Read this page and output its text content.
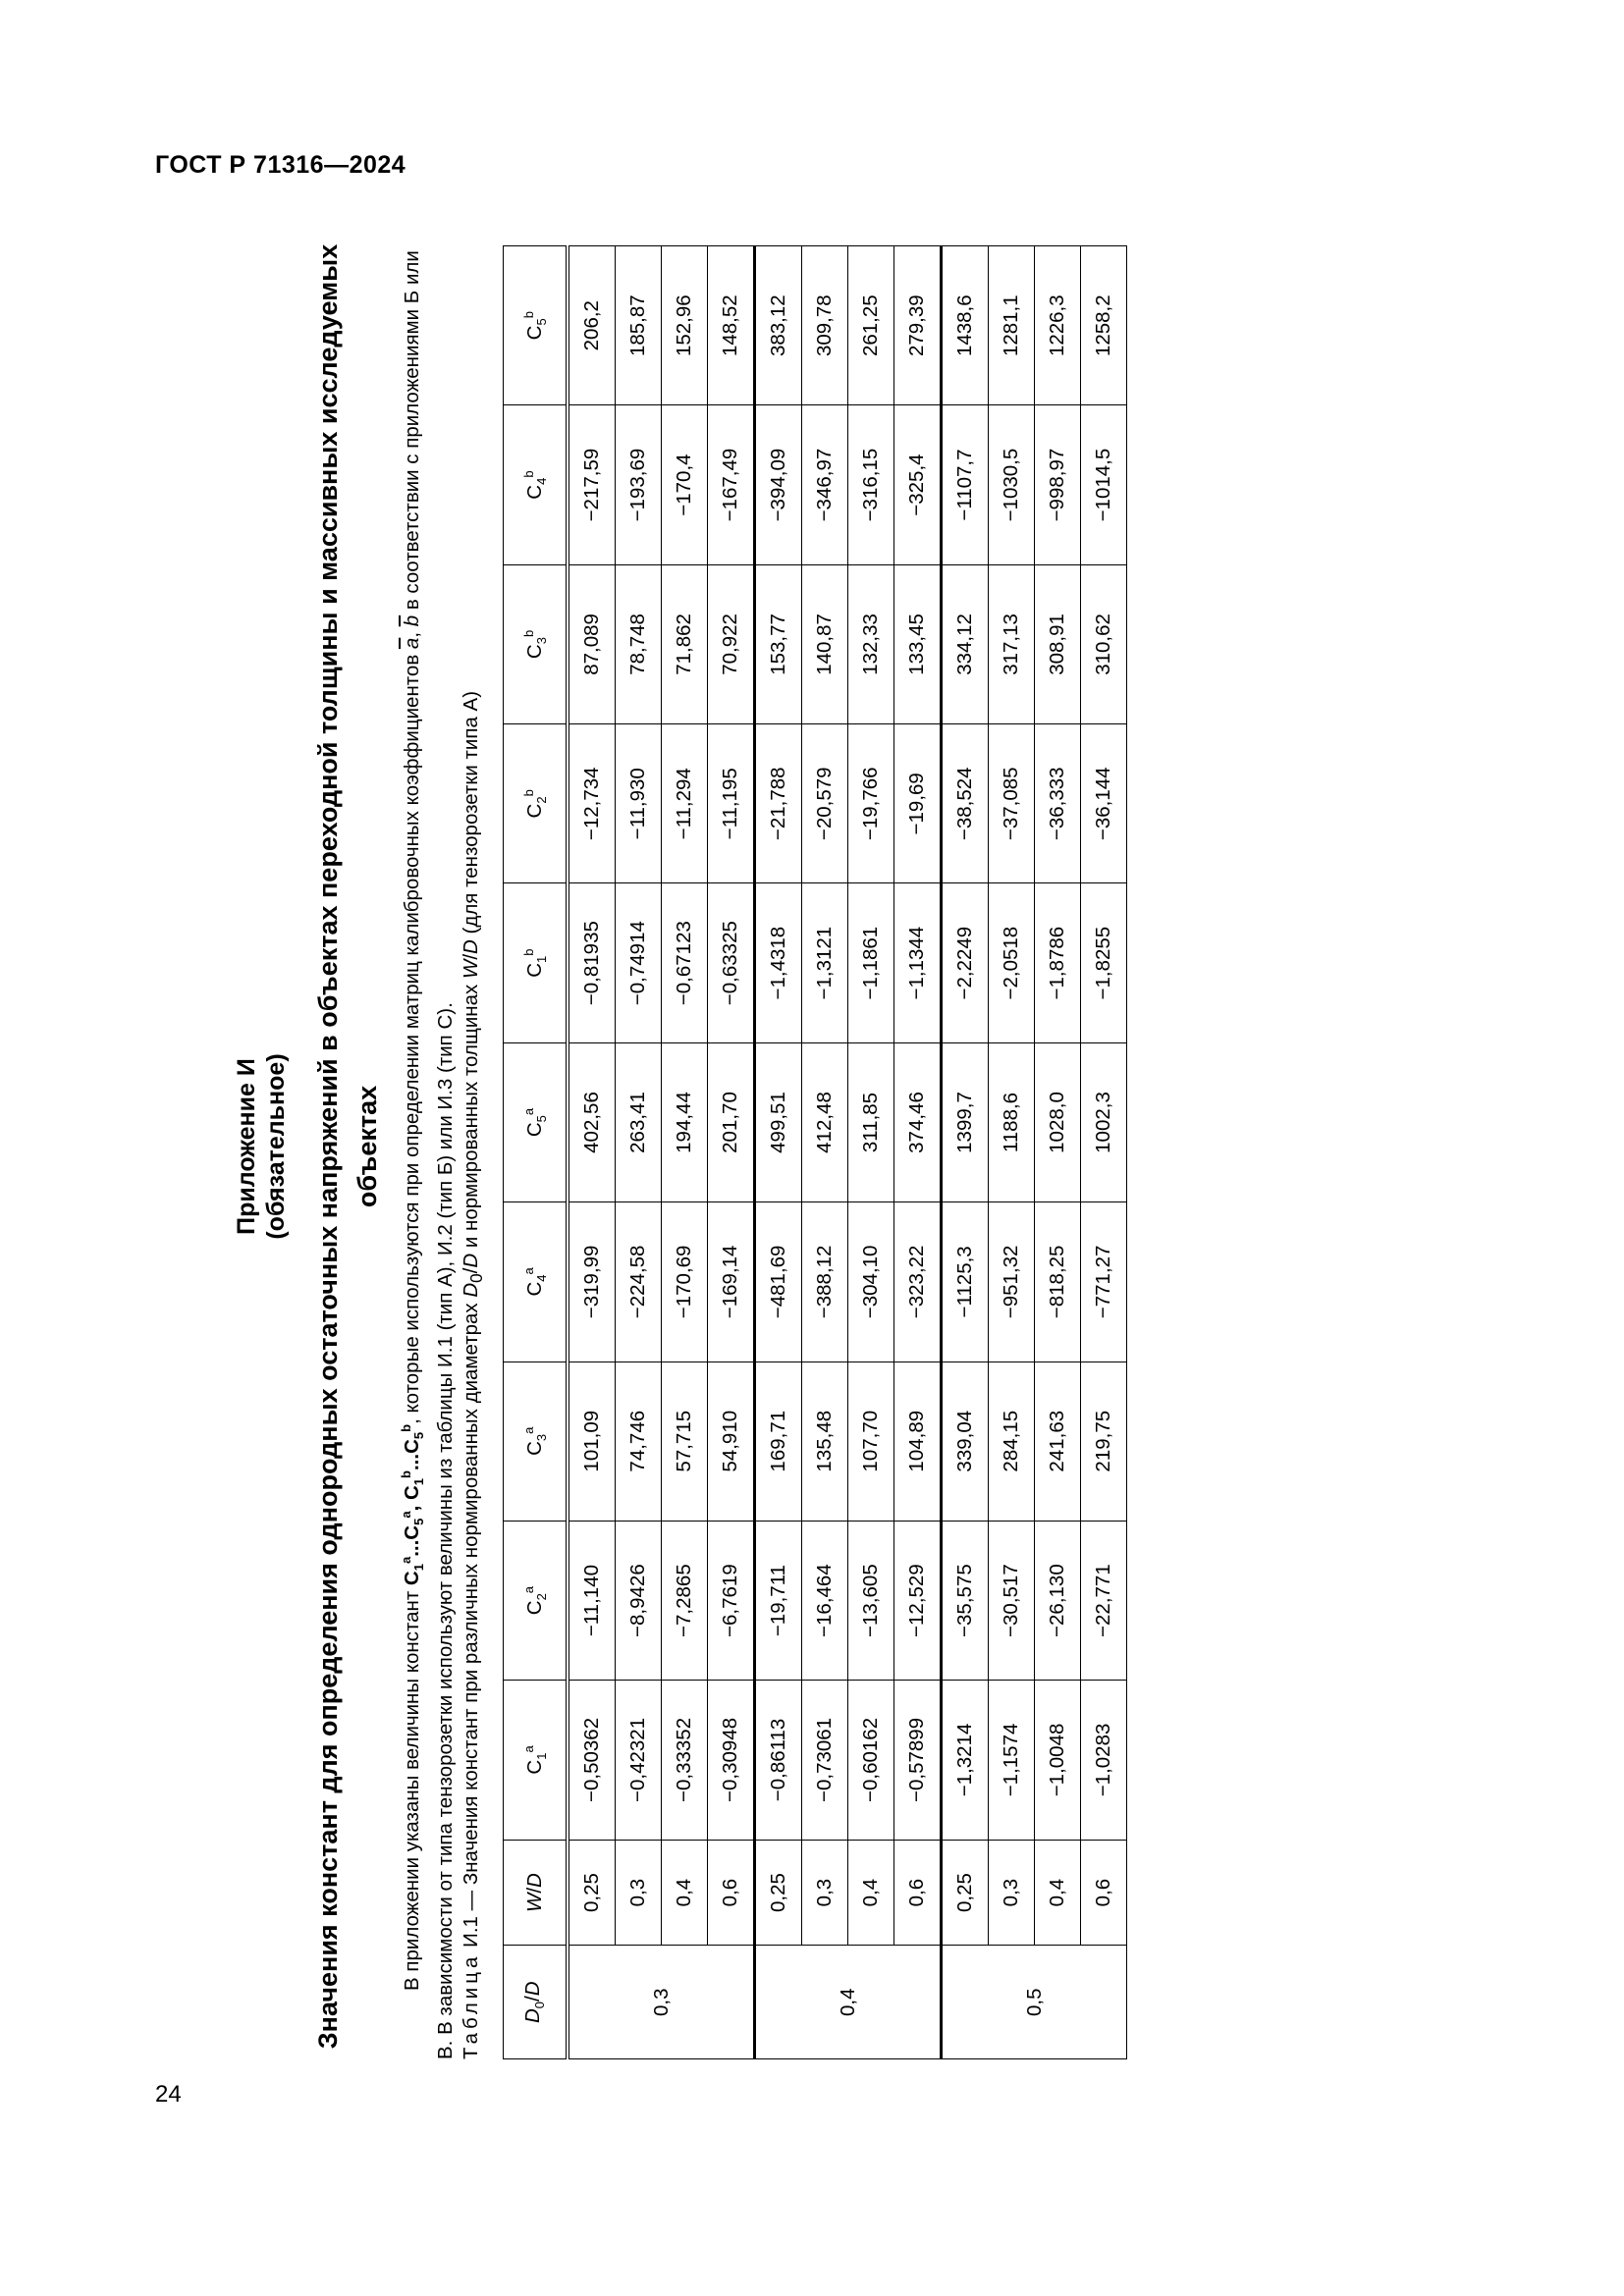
ГОСТ Р 71316—2024
24
Приложение И (обязательное) Значения констант для определения однородных остаточных напряжений в объектах переходной толщины и массивных исследуемых объектах
В приложении указаны величины констант $C_1^a...C_5^a$, $C_1^b...C_5^b$, которые используются при определении матриц калибровочных коэффициентов $\overline{a}$, $\overline{b}$ в соответствии с приложениями Б или В. В зависимости от типа тензорозетки используют величины из таблицы И.1 (тип А), И.2 (тип Б) или И.3 (тип С). Таблица И.1 — Значения констант при различных нормированных диаметрах $D_0/D$ и нормированных толщинах W/D (для тензорозетки типа А)
$D_0/D$	W/D	$C_1^a$	$C_2^a$	$C_3^a$	$C_4^a$	$C_5^a$	$C_1^b$	$C_2^b$	$C_3^b$	$C_4^b$	$C_5^b$
0,3	0,25	−0,50362	−11,140	101,09	−319,99	402,56	−0,81935	−12,734	87,089	−217,59	206,2
	0,3	−0,42321	−8,9426	74,746	−224,58	263,41	−0,74914	−11,930	78,748	−193,69	185,87
	0,4	−0,33352	−7,2865	57,715	−170,69	194,44	−0,67123	−11,294	71,862	−170,4	152,96
	0,6	−0,30948	−6,7619	54,910	−169,14	201,70	−0,63325	−11,195	70,922	−167,49	148,52
0,4	0,25	−0,86113	−19,711	169,71	−481,69	499,51	−1,4318	−21,788	153,77	−394,09	383,12
	0,3	−0,73061	−16,464	135,48	−388,12	412,48	−1,3121	−20,579	140,87	−346,97	309,78
	0,4	−0,60162	−13,605	107,70	−304,10	311,85	−1,1861	−19,766	132,33	−316,15	261,25
	0,6	−0,57899	−12,529	104,89	−323,22	374,46	−1,1344	−19,69	133,45	−325,4	279,39
0,5	0,25	−1,3214	−35,575	339,04	−1125,3	1399,7	−2,2249	−38,524	334,12	−1107,7	1438,6
	0,3	−1,1574	−30,517	284,15	−951,32	1188,6	−2,0518	−37,085	317,13	−1030,5	1281,1
	0,4	−1,0048	−26,130	241,63	−818,25	1028,0	−1,8786	−36,333	308,91	−998,97	1226,3
	0,6	−1,0283	−22,771	219,75	−771,27	1002,3	−1,8255	−36,144	310,62	−1014,5	1258,2
